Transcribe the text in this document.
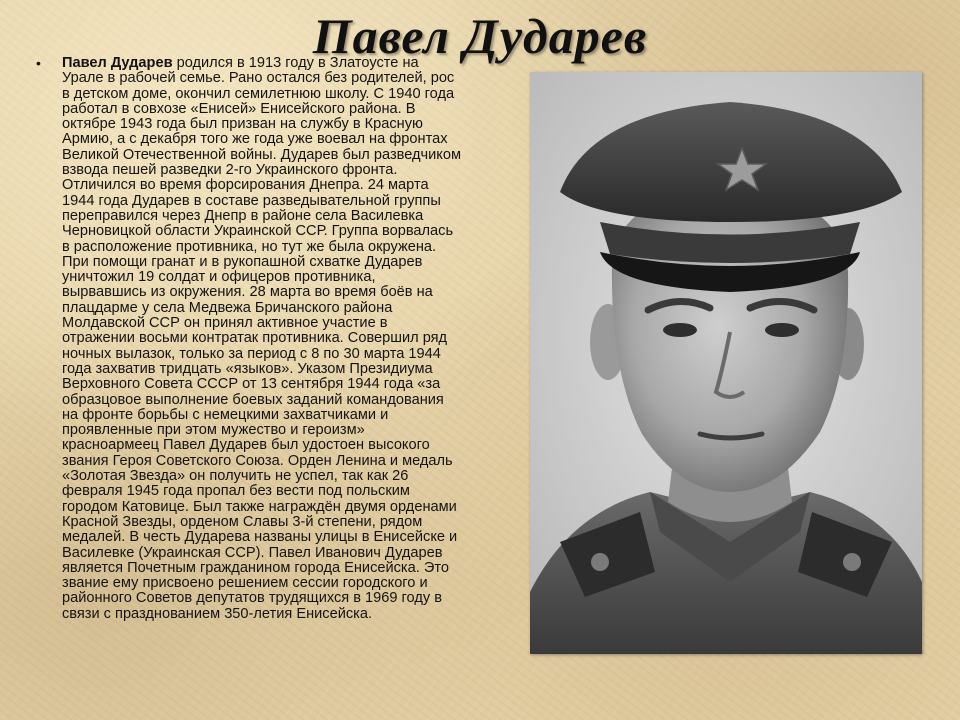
Павел Дударев
• Павел Дударев родился в 1913 году в Златоусте на Урале в рабочей семье. Рано остался без родителей, рос в детском доме, окончил семилетнюю школу. С 1940 года работал в совхозе «Енисей» Енисейского района. В октябре 1943 года был призван на службу в Красную Армию, а с декабря того же года уже воевал на фронтах Великой Отечественной войны. Дударев был разведчиком взвода пешей разведки 2-го Украинского фронта. Отличился во время форсирования Днепра. 24 марта 1944 года Дударев в составе разведывательной группы переправился через Днепр в районе села Василевка Черновицкой области Украинской ССР. Группа ворвалась в расположение противника, но тут же была окружена. При помощи гранат и в рукопашной схватке Дударев уничтожил 19 солдат и офицеров противника, вырвавшись из окружения. 28 марта во время боёв на плацдарме у села Медвежа Бричанского района Молдавской ССР он принял активное участие в отражении восьми контратак противника. Совершил ряд ночных вылазок, только за период с 8 по 30 марта 1944 года захватив тридцать «языков». Указом Президиума Верховного Совета СССР от 13 сентября 1944 года «за образцовое выполнение боевых заданий командования на фронте борьбы с немецкими захватчиками и проявленные при этом мужество и героизм» красноармеец Павел Дударев был удостоен высокого звания Героя Советского Союза. Орден Ленина и медаль «Золотая Звезда» он получить не успел, так как 26 февраля 1945 года пропал без вести под польским городом Катовице. Был также награждён двумя орденами Красной Звезды, орденом Славы 3-й степени, рядом медалей. В честь Дударева названы улицы в Енисейске и Василевке (Украинская ССР). Павел Иванович Дударев является Почетным гражданином города Енисейска. Это звание ему присвоено решением сессии городского и районного Советов депутатов трудящихся в 1969 году в связи с празднованием 350-летия Енисейска.
